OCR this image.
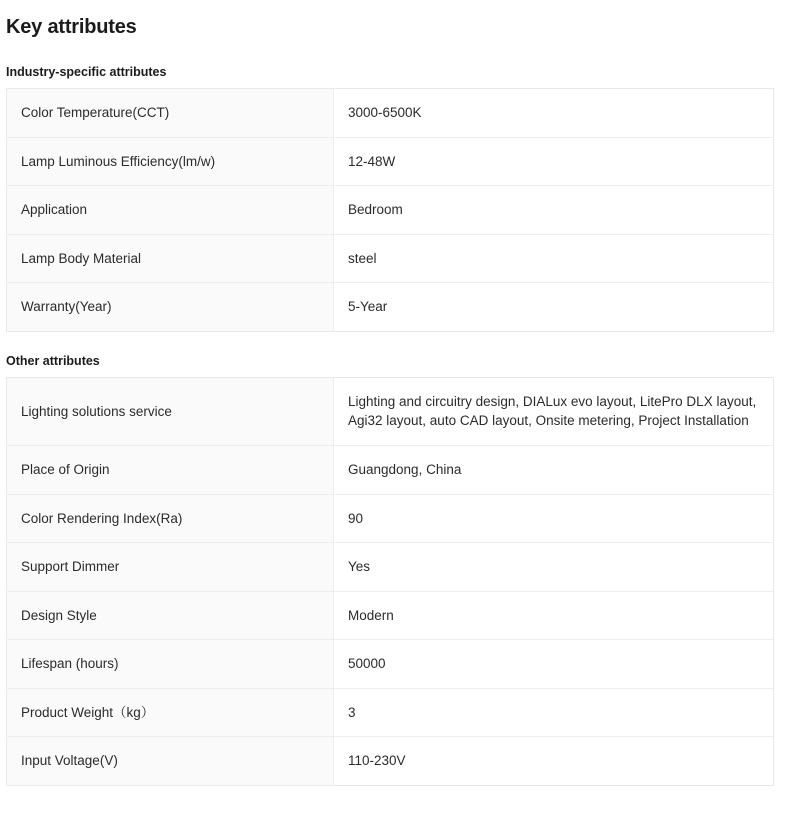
Key attributes
Industry-specific attributes
Color Temperature(CCT)	3000-6500K
Lamp Luminous Efficiency(lm/w)	12-48W
Application	Bedroom
Lamp Body Material	steel
Warranty(Year)	5-Year
Other attributes
Lighting solutions service	Lighting and circuitry design, DIALux evo layout, LitePro DLX layout, Agi32 layout, auto CAD layout, Onsite metering, Project Installation
Place of Origin	Guangdong, China
Color Rendering Index(Ra)	90
Support Dimmer	Yes
Design Style	Modern
Lifespan (hours)	50000
Product Weight（kg）	3
Input Voltage(V)	110-230V
